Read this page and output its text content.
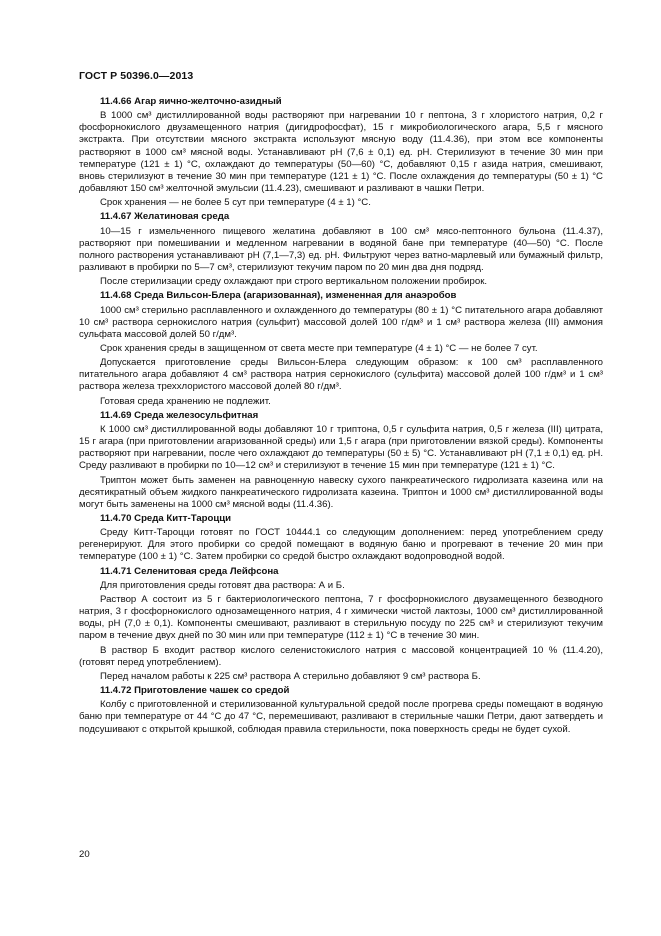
ГОСТ Р 50396.0—2013

11.4.66 Агар яично-желточно-азидный

В 1000 см³ дистиллированной воды растворяют при нагревании 10 г пептона, 3 г хлористого натрия, 0,2 г фосфорнокислого двузамещенного натрия (дигидрофосфат), 15 г микробиологического агара, 5,5 г мясного экстракта. При отсутствии мясного экстракта используют мясную воду (11.4.36), при этом все компоненты растворяют в 1000 см³ мясной воды. Устанавливают рН (7,6 ± 0,1) ед. рН. Стерилизуют в течение 30 мин при температуре (121 ± 1) °С, охлаждают до температуры (50—60) °С, добавляют 0,15 г азида натрия, смешивают, вновь стерилизуют в течение 30 мин при температуре (121 ± 1) °С. После охлаждения до температуры (50 ± 1) °С добавляют 150 см³ желточной эмульсии (11.4.23), смешивают и разливают в чашки Петри.

Срок хранения — не более 5 сут при температуре (4 ± 1) °С.

11.4.67 Желатиновая среда

10—15 г измельченного пищевого желатина добавляют в 100 см³ мясо-пептонного бульона (11.4.37), растворяют при помешивании и медленном нагревании в водяной бане при температуре (40—50) °С. После полного растворения устанавливают рН (7,1—7,3) ед. рН. Фильтруют через ватно-марлевый или бумажный фильтр, разливают в пробирки по 5—7 см³, стерилизуют текучим паром по 20 мин два дня подряд.

После стерилизации среду охлаждают при строго вертикальном положении пробирок.

11.4.68 Среда Вильсон-Блера (агаризованная), измененная для анаэробов

1000 см³ стерильно расплавленного и охлажденного до температуры (80 ± 1) °С питательного агара добавляют 10 см³ раствора сернокислого натрия (сульфит) массовой долей 100 г/дм³ и 1 см³ раствора железа (III) аммония сульфата массовой долей 50 г/дм³.

Срок хранения среды в защищенном от света месте при температуре (4 ± 1) °С — не более 7 сут.

Допускается приготовление среды Вильсон-Блера следующим образом: к 100 см³ расплавленного питательного агара добавляют 4 см³ раствора натрия сернокислого (сульфита) массовой долей 100 г/дм³ и 1 см³ раствора железа треххлористого массовой долей 80 г/дм³.

Готовая среда хранению не подлежит.

11.4.69 Среда железосульфитная

К 1000 см³ дистиллированной воды добавляют 10 г триптона, 0,5 г сульфита натрия, 0,5 г железа (III) цитрата, 15 г агара (при приготовлении агаризованной среды) или 1,5 г агара (при приготовлении вязкой среды). Компоненты растворяют при нагревании, после чего охлаждают до температуры (50 ± 5) °С. Устанавливают рН (7,1 ± 0,1) ед. рН. Среду разливают в пробирки по 10—12 см³ и стерилизуют в течение 15 мин при температуре (121 ± 1) °С.

Триптон может быть заменен на равноценную навеску сухого панкреатического гидролизата казеина или на десятикратный объем жидкого панкреатического гидролизата казеина. Триптон и 1000 см³ дистиллированной воды могут быть заменены на 1000 см³ мясной воды (11.4.36).

11.4.70 Среда Китт-Тароцци

Среду Китт-Тароцци готовят по ГОСТ 10444.1 со следующим дополнением: перед употреблением среду регенерируют. Для этого пробирки со средой помещают в водяную баню и прогревают в течение 20 мин при температуре (100 ± 1) °С. Затем пробирки со средой быстро охлаждают водопроводной водой.

11.4.71 Селенитовая среда Лейфсона

Для приготовления среды готовят два раствора: А и Б.

Раствор А состоит из 5 г бактериологического пептона, 7 г фосфорнокислого двузамещенного безводного натрия, 3 г фосфорнокислого однозамещенного натрия, 4 г химически чистой лактозы, 1000 см³ дистиллированной воды, рН (7,0 ± 0,1). Компоненты смешивают, разливают в стерильную посуду по 225 см³ и стерилизуют текучим паром в течение двух дней по 30 мин или при температуре (112 ± 1) °С в течение 30 мин.

В раствор Б входит раствор кислого селенистокислого натрия с массовой концентрацией 10 % (11.4.20), (готовят перед употреблением).

Перед началом работы к 225 см³ раствора А стерильно добавляют 9 см³ раствора Б.

11.4.72 Приготовление чашек со средой

Колбу с приготовленной и стерилизованной культуральной средой после прогрева среды помещают в водяную баню при температуре от 44 °С до 47 °С, перемешивают, разливают в стерильные чашки Петри, дают затвердеть и подсушивают с открытой крышкой, соблюдая правила стерильности, пока поверхность среды не будет сухой.

20
